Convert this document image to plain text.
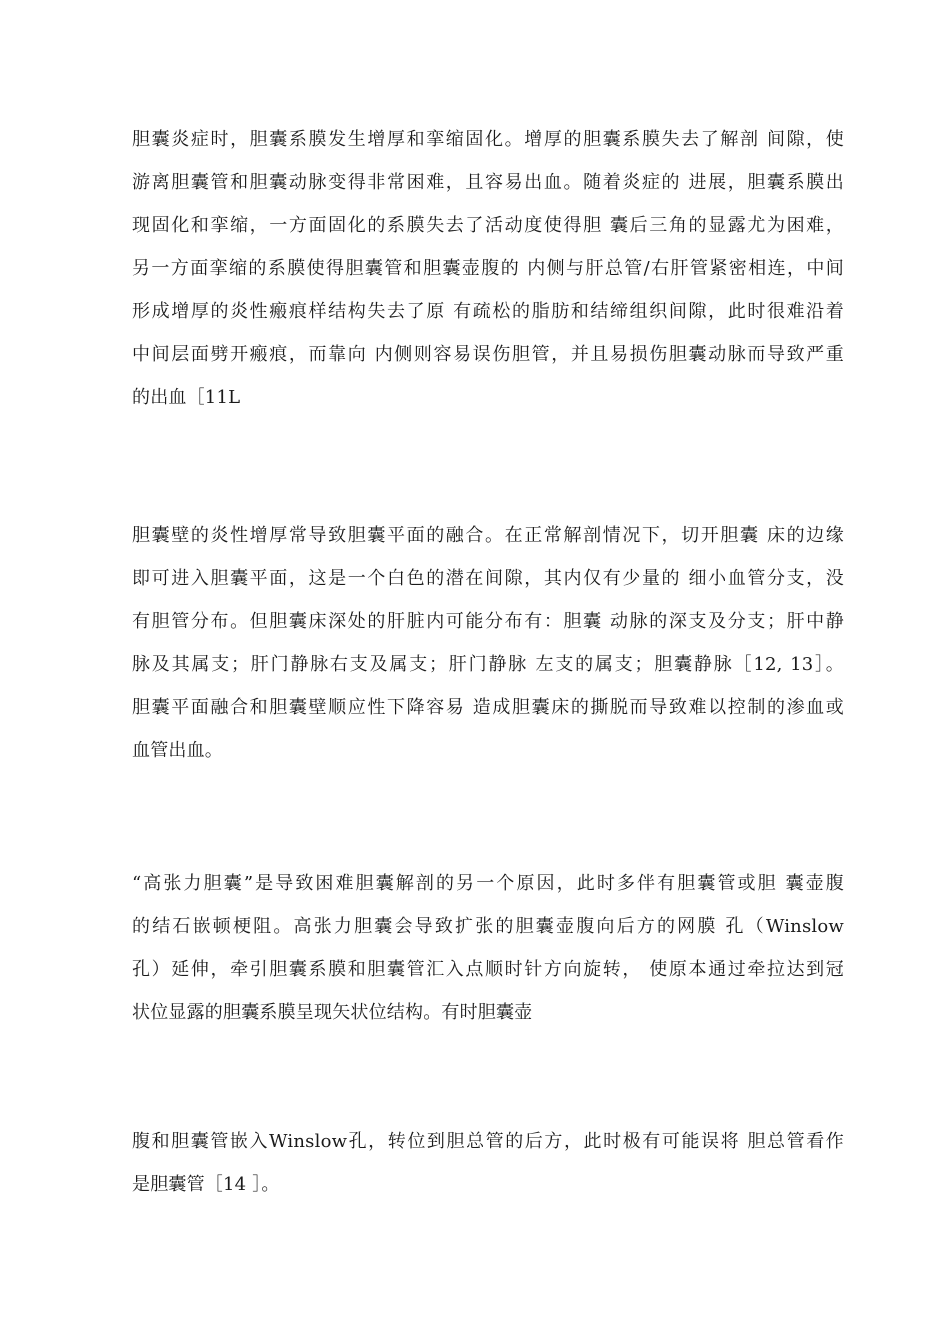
胆囊炎症时，胆囊系膜发生增厚和挛缩固化。增厚的胆囊系膜失去了解剖 间隙，使
游离胆囊管和胆囊动脉变得非常困难，且容易出血。随着炎症的 进展，胆囊系膜出
现固化和挛缩，一方面固化的系膜失去了活动度使得胆 囊后三角的显露尤为困难，
另一方面挛缩的系膜使得胆囊管和胆囊壶腹的 内侧与肝总管/右肝管紧密相连，中间
形成增厚的炎性瘢痕样结构失去了原 有疏松的脂肪和结缔组织间隙，此时很难沿着
中间层面劈开瘢痕，而靠向 内侧则容易误伤胆管，并且易损伤胆囊动脉而导致严重
的出血［11L

胆囊壁的炎性增厚常导致胆囊平面的融合。在正常解剖情况下，切开胆囊 床的边缘
即可进入胆囊平面，这是一个白色的潜在间隙，其内仅有少量的 细小血管分支，没
有胆管分布。但胆囊床深处的肝脏内可能分布有：胆囊 动脉的深支及分支；肝中静
脉及其属支；肝门静脉右支及属支；肝门静脉 左支的属支；胆囊静脉［12, 13］。
胆囊平面融合和胆囊壁顺应性下降容易 造成胆囊床的撕脱而导致难以控制的渗血或
血管出血。

“高张力胆囊”是导致困难胆囊解剖的另一个原因，此时多伴有胆囊管或胆 囊壶腹
的结石嵌顿梗阻。高张力胆囊会导致扩张的胆囊壶腹向后方的网膜 孔（Winslow
孔）延伸，牵引胆囊系膜和胆囊管汇入点顺时针方向旋转， 使原本通过牵拉达到冠
状位显露的胆囊系膜呈现矢状位结构。有时胆囊壶

腹和胆囊管嵌入Winslow孔，转位到胆总管的后方，此时极有可能误将 胆总管看作
是胆囊管［14 ］。
